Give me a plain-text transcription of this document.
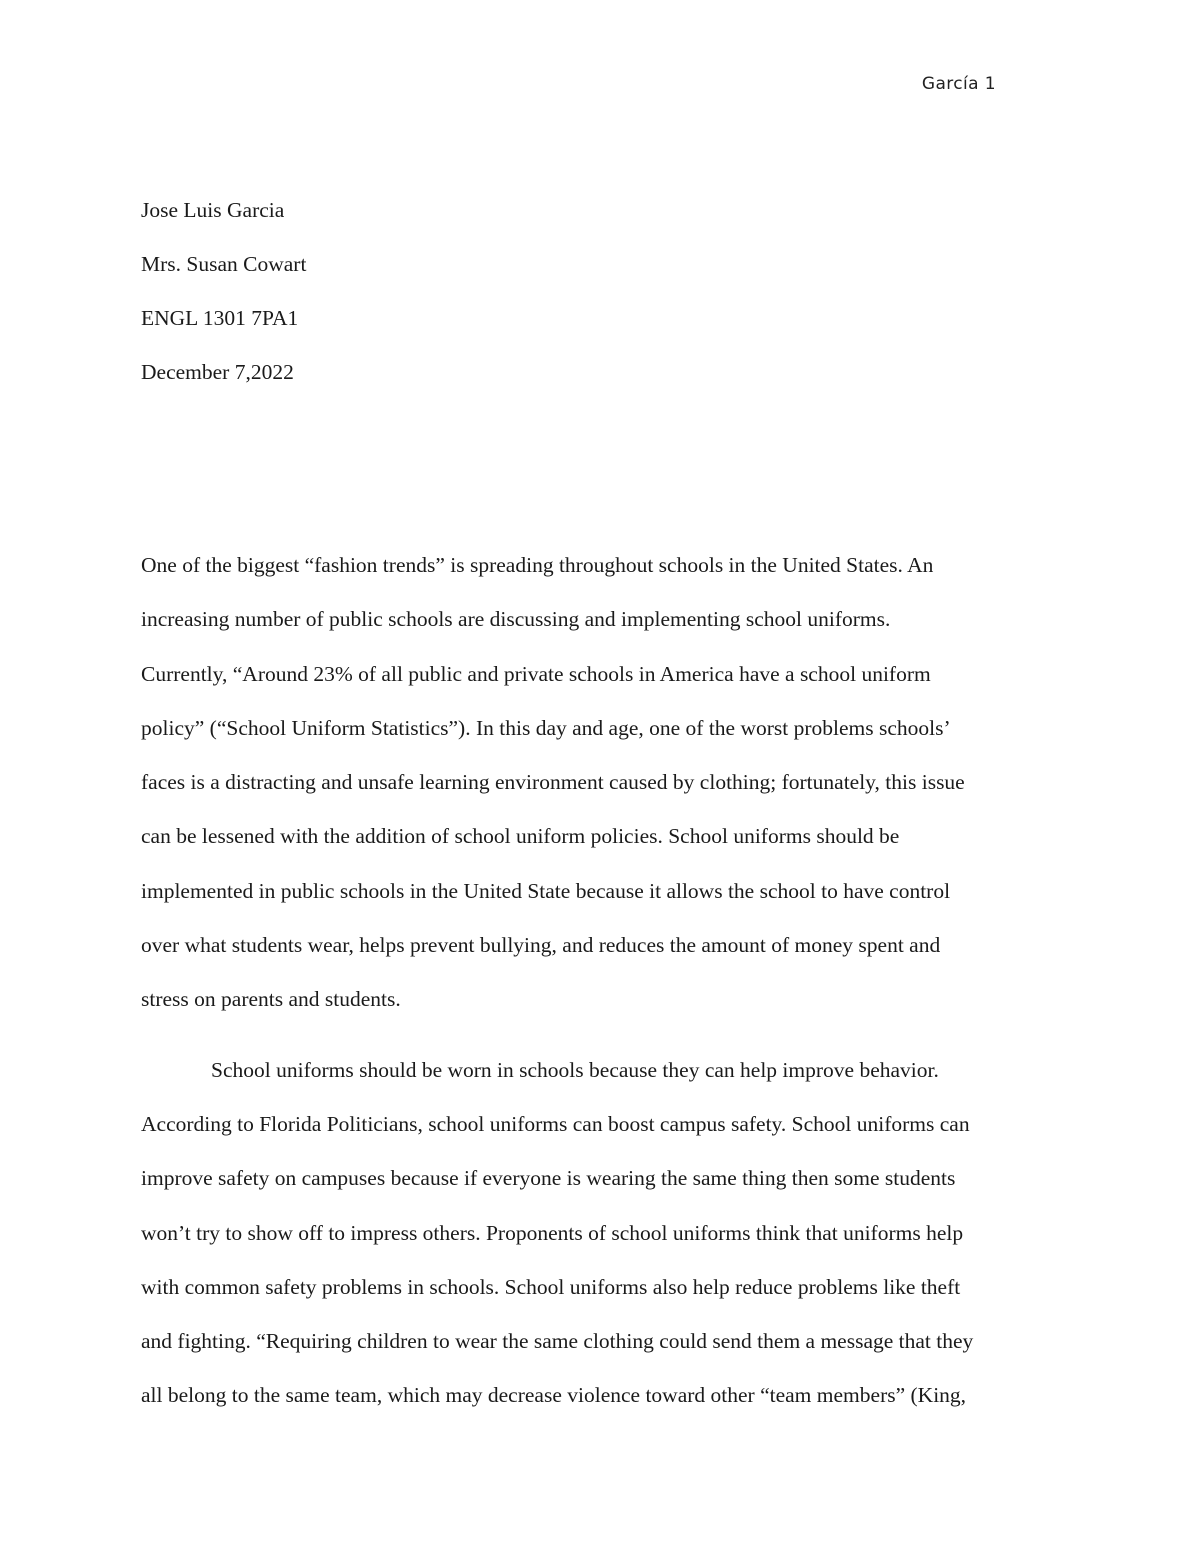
García 1
Jose Luis Garcia
Mrs. Susan Cowart
ENGL 1301 7PA1
December 7,2022
One of the biggest “fashion trends” is spreading throughout schools in the United States. An
increasing number of public schools are discussing and implementing school uniforms.
Currently, “Around 23% of all public and private schools in America have a school uniform
policy” (“School Uniform Statistics”). In this day and age, one of the worst problems schools’
faces is a distracting and unsafe learning environment caused by clothing; fortunately, this issue
can be lessened with the addition of school uniform policies. School uniforms should be
implemented in public schools in the United State because it allows the school to have control
over what students wear, helps prevent bullying, and reduces the amount of money spent and
stress on parents and students.
School uniforms should be worn in schools because they can help improve behavior.
According to Florida Politicians, school uniforms can boost campus safety. School uniforms can
improve safety on campuses because if everyone is wearing the same thing then some students
won’t try to show off to impress others. Proponents of school uniforms think that uniforms help
with common safety problems in schools. School uniforms also help reduce problems like theft
and fighting. “Requiring children to wear the same clothing could send them a message that they
all belong to the same team, which may decrease violence toward other “team members” (King,
